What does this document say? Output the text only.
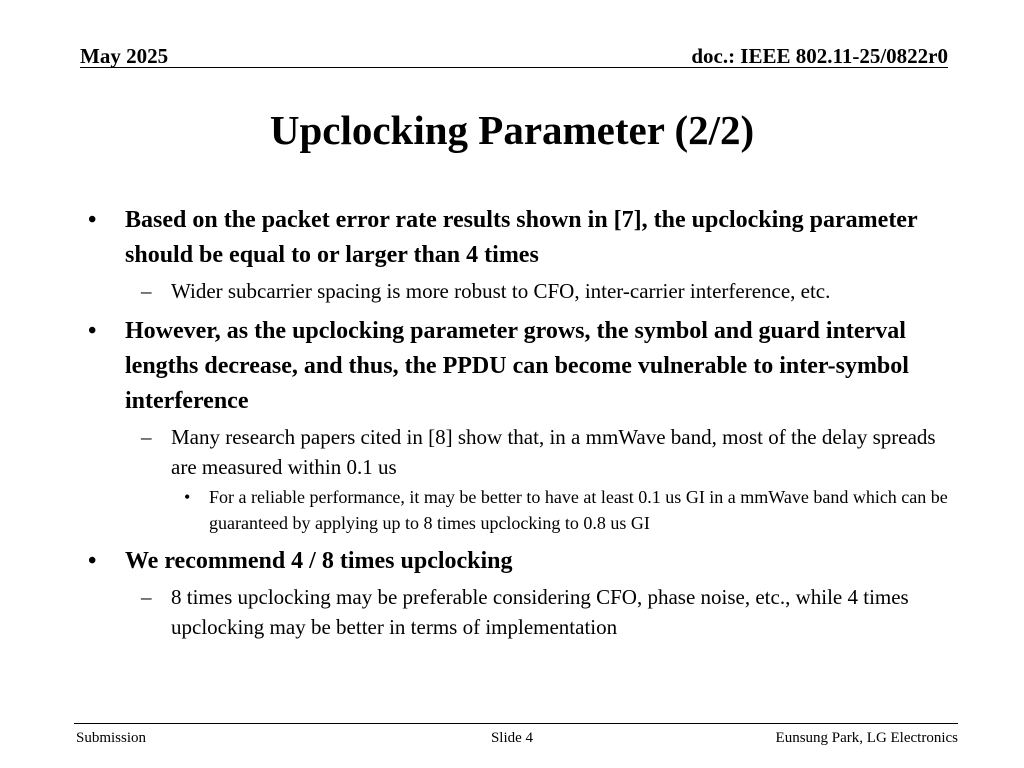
May 2025	doc.: IEEE 802.11-25/0822r0
Upclocking Parameter (2/2)
• Based on the packet error rate results shown in [7], the upclocking parameter should be equal to or larger than 4 times
– Wider subcarrier spacing is more robust to CFO, inter-carrier interference, etc.
• However, as the upclocking parameter grows, the symbol and guard interval lengths decrease, and thus, the PPDU can become vulnerable to inter-symbol interference
– Many research papers cited in [8] show that, in a mmWave band, most of the delay spreads are measured within 0.1 us
• For a reliable performance, it may be better to have at least 0.1 us GI in a mmWave band which can be guaranteed by applying up to 8 times upclocking to 0.8 us GI
• We recommend 4 / 8 times upclocking
– 8 times upclocking may be preferable considering CFO, phase noise, etc., while 4 times upclocking may be better in terms of implementation
Submission	Slide 4	Eunsung Park, LG Electronics
